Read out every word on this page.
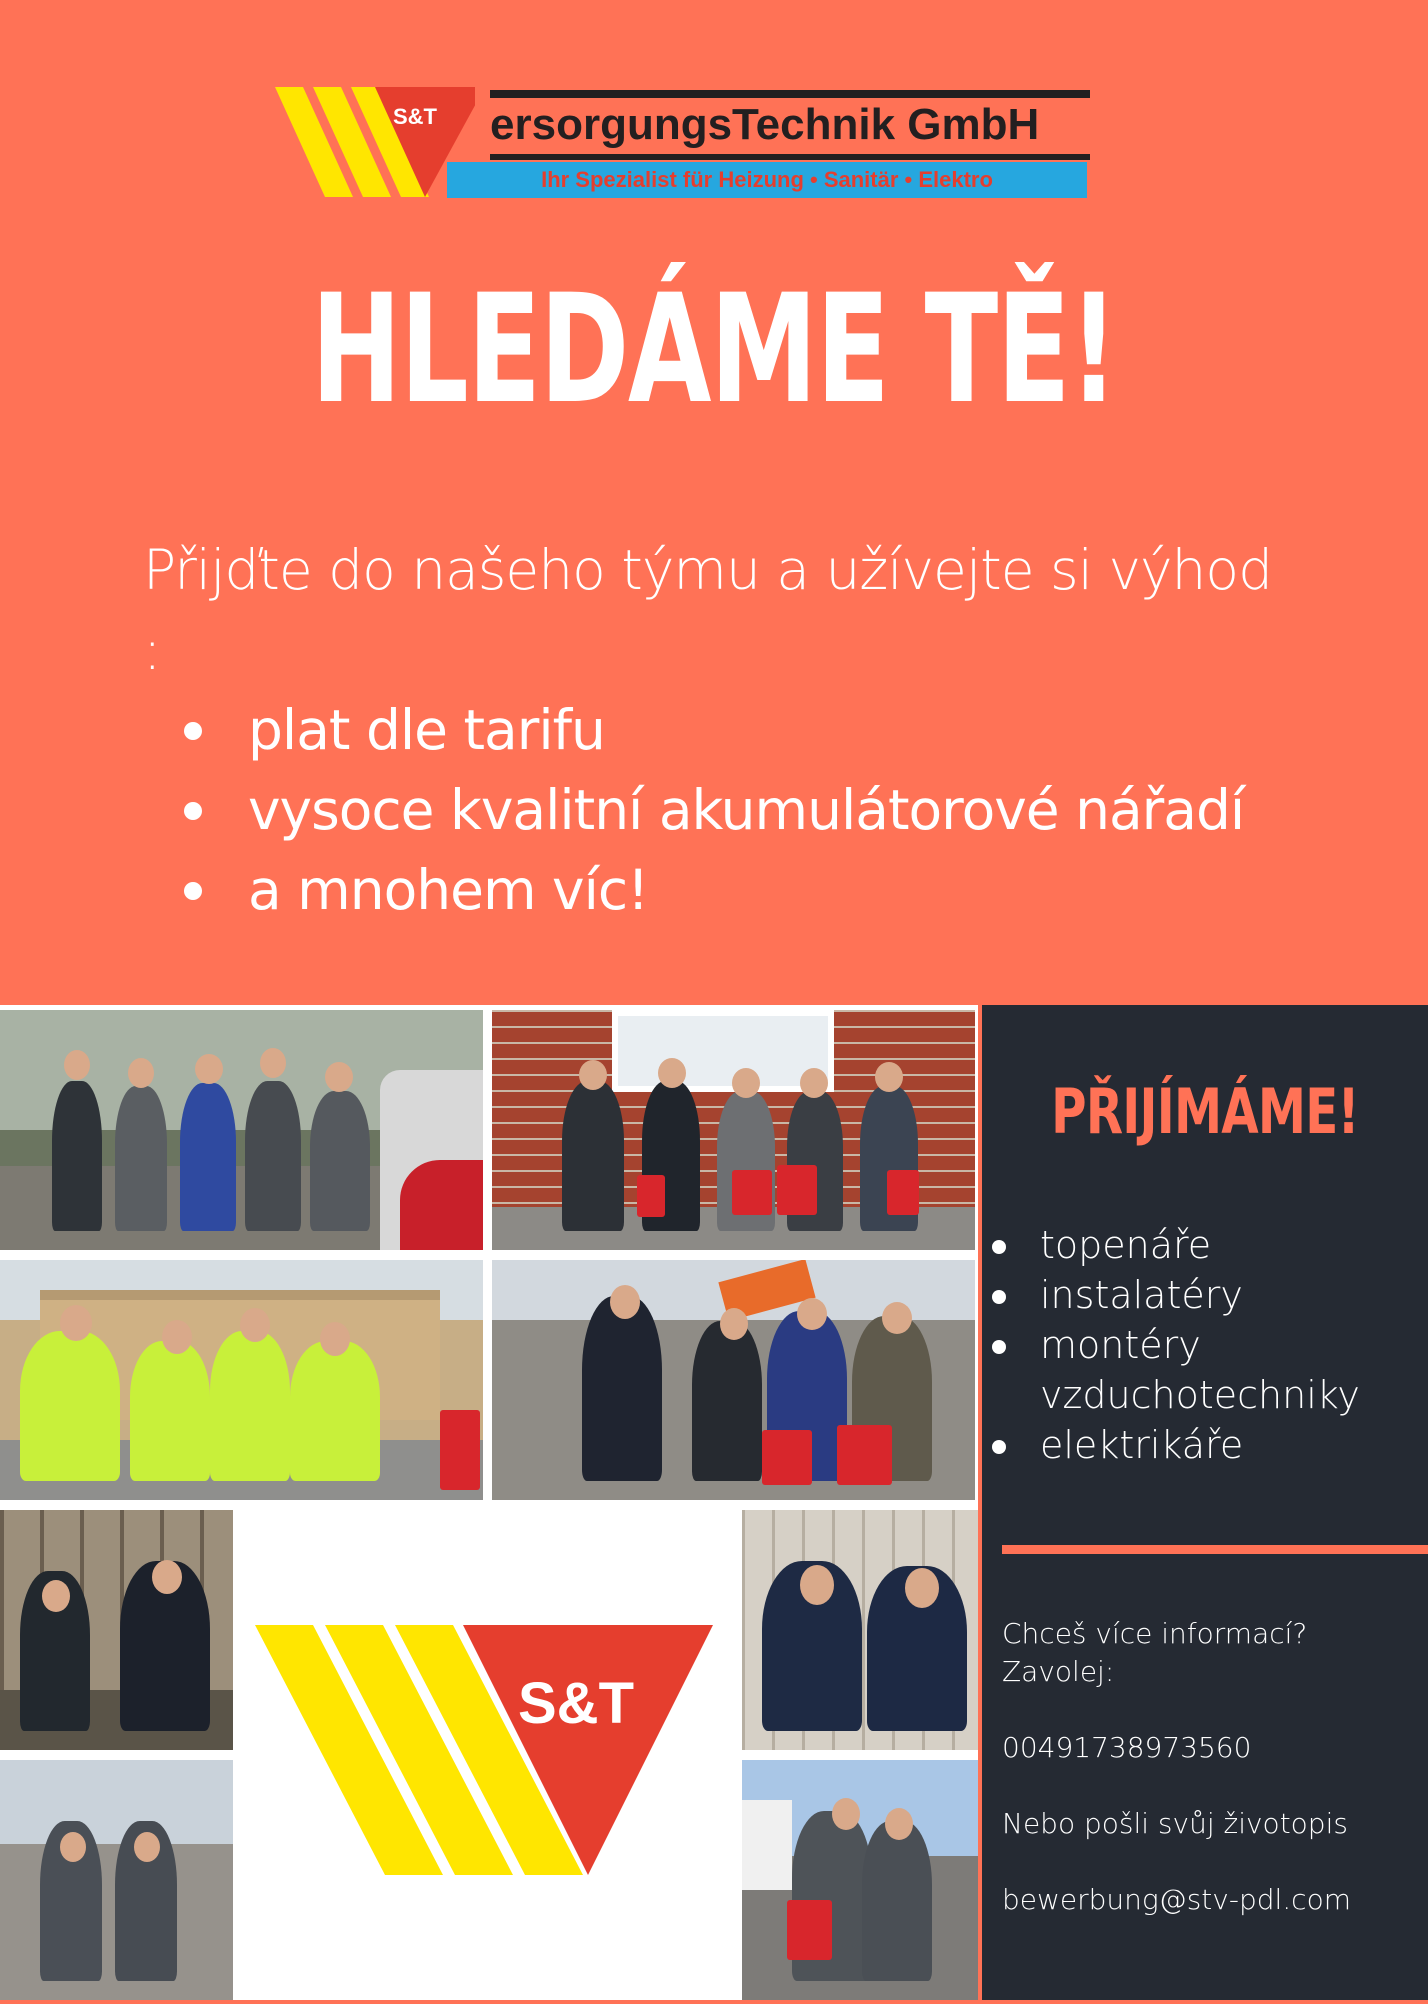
S&T ersorgungsTechnik GmbH
Ihr Spezialist für Heizung • Sanitär • Elektro
HLEDÁME TĚ!
Přijďte do našeho týmu a užívejte si výhod :
plat dle tarifu
vysoce kvalitní akumulátorové nářadí
a mnohem víc!
S&T
PŘIJÍMÁME!
topenáře
instalatéry
montéry vzduchotechniky
elektrikáře

Chceš více informací? Zavolej:

00491738973560

Nebo pošli svůj životopis

bewerbung@stv-pdl.com
